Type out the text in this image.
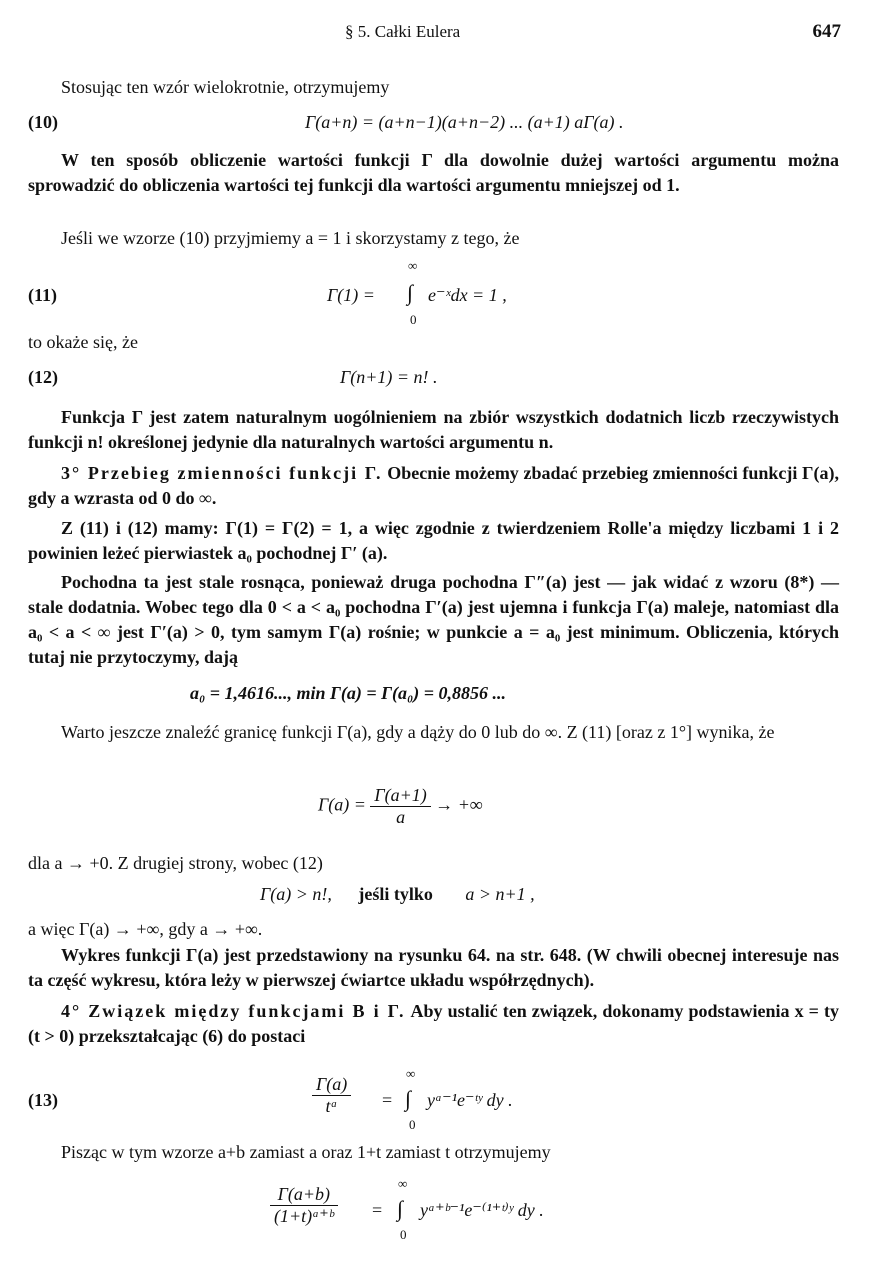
§ 5. Całki Eulera	647

Stosując ten wzór wielokrotnie, otrzymujemy

(10)	Γ(a+n) = (a+n−1)(a+n−2) ... (a+1) aΓ(a) .

W ten sposób obliczenie wartości funkcji Γ dla dowolnie dużej wartości argumentu można sprowadzić do obliczenia wartości tej funkcji dla wartości argumentu mniejszej od 1.

Jeśli we wzorze (10) przyjmiemy a = 1 i skorzystamy z tego, że

(11)	Γ(1) =
∞
∫
0
e⁻ˣdx = 1 ,

to okaże się, że

(12)	Γ(n+1) = n! .

Funkcja Γ jest zatem naturalnym uogólnieniem na zbiór wszystkich dodatnich liczb rzeczywistych funkcji n! określonej jedynie dla naturalnych wartości argumentu n.

3° Przebieg zmienności funkcji Γ. Obecnie możemy zbadać przebieg zmienności funkcji Γ(a), gdy a wzrasta od 0 do ∞.

Z (11) i (12) mamy: Γ(1) = Γ(2) = 1, a więc zgodnie z twierdzeniem Rolle'a między liczbami 1 i 2 powinien leżeć pierwiastek a₀ pochodnej Γ′ (a).

Pochodna ta jest stale rosnąca, ponieważ druga pochodna Γ″(a) jest — jak widać z wzoru (8*) — stale dodatnia. Wobec tego dla 0 < a < a₀ pochodna Γ′(a) jest ujemna i funkcja Γ(a) maleje, natomiast dla a₀ < a < ∞ jest Γ′(a) > 0, tym samym Γ(a) rośnie; w punkcie a = a₀ jest minimum. Obliczenia, których tutaj nie przytoczymy, dają

a₀ = 1,4616..., min Γ(a) = Γ(a₀) = 0,8856 ...

Warto jeszcze znaleźć granicę funkcji Γ(a), gdy a dąży do 0 lub do ∞. Z (11) [oraz z 1°] wynika, że

$\Gamma(a) = \frac{\Gamma(a+1)}{a}$ → +∞

dla a → +0. Z drugiej strony, wobec (12)

Γ(a) > n!, jeśli tylko a > n+1 ,

a więc Γ(a) → +∞, gdy a → +∞.

Wykres funkcji Γ(a) jest przedstawiony na rysunku 64. na str. 648. (W chwili obecnej interesuje nas ta część wykresu, która leży w pierwszej ćwiartce układu współrzędnych).

4° Związek między funkcjami B i Γ. Aby ustalić ten związek, dokonamy podstawienia x = ty (t > 0) przekształcając (6) do postaci

(13)	$\frac{\Gamma(a)}{\text{tᵃ}}$ =
∞
∫
0
yᵃ⁻¹e⁻ᵗʸ dy .

Pisząc w tym wzorze a+b zamiast a oraz 1+t zamiast t otrzymujemy

$\frac{\Gamma(a+b)}{\text{(1+t)ᵃ⁺ᵇ}}$ =
∞
∫
0
yᵃ⁺ᵇ⁻¹e⁻⁽¹⁺ᵗ⁾ʸ dy .
